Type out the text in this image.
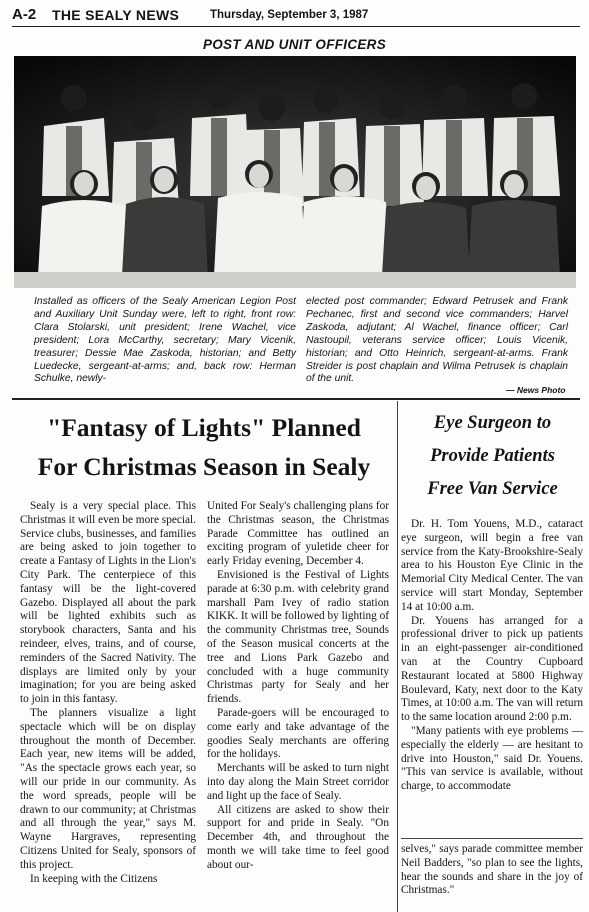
A-2 THE SEALY NEWS	Thursday, September 3, 1987
POST AND UNIT OFFICERS
Installed as officers of the Sealy American Legion Post and Auxiliary Unit Sunday were, left to right, front row: Clara Stolarski, unit president; Irene Wachel, vice president; Lora McCarthy, secretary; Mary Vicenik, treasurer; Dessie Mae Zaskoda, historian; and Betty Luedecke, sergeant-at-arms; and, back row: Herman Schulke, newly-
elected post commander; Edward Petrusek and Frank Pechanec, first and second vice commanders; Harvel Zaskoda, adjutant; Al Wachel, finance officer; Carl Nastoupil, veterans service officer; Louis Vicenik, historian; and Otto Heinrich, sergeant-at-arms. Frank Streider is post chaplain and Wilma Petrusek is chaplain of the unit.
— News Photo
"Fantasy of Lights" Planned
For Christmas Season in Sealy

Sealy is a very special place. This Christmas it will even be more special. Service clubs, businesses, and families are being asked to join together to create a Fantasy of Lights in the Lion's City Park. The centerpiece of this fantasy will be the light-covered Gazebo. Displayed all about the park will be lighted exhibits such as storybook characters, Santa and his reindeer, elves, trains, and of course, reminders of the Sacred Nativity. The displays are limited only by your imagination; for you are being asked to join in this fantasy.

The planners visualize a light spectacle which will be on display throughout the month of December. Each year, new items will be added, "As the spectacle grows each year, so will our pride in our community. As the word spreads, people will be drawn to our community; at Christmas and all through the year," says M. Wayne Hargraves, representing Citizens United for Sealy, sponsors of this project.

In keeping with the Citizens

United For Sealy's challenging plans for the Christmas season, the Christmas Parade Committee has outlined an exciting program of yuletide cheer for early Friday evening, December 4.

Envisioned is the Festival of Lights parade at 6:30 p.m. with celebrity grand marshall Pam Ivey of radio station KIKK. It will be followed by lighting of the community Christmas tree, Sounds of the Season musical concerts at the tree and Lions Park Gazebo and concluded with a huge community Christmas party for Sealy and her friends.

Parade-goers will be encouraged to come early and take advantage of the goodies Sealy merchants are offering for the holidays.

Merchants will be asked to turn night into day along the Main Street corridor and light up the face of Sealy.

All citizens are asked to show their support for and pride in Sealy. "On December 4th, and throughout the month we will take time to feel good about our-

Eye Surgeon to
Provide Patients
Free Van Service

Dr. H. Tom Youens, M.D., cataract eye surgeon, will begin a free van service from the Katy-Brookshire-Sealy area to his Houston Eye Clinic in the Memorial City Medical Center. The van service will start Monday, September 14 at 10:00 a.m.

Dr. Youens has arranged for a professional driver to pick up patients in an eight-passenger air-conditioned van at the Country Cupboard Restaurant located at 5800 Highway Boulevard, Katy, next door to the Katy Times, at 10:00 a.m. The van will return to the same location around 2:00 p.m.

"Many patients with eye problems — especially the elderly — are hesitant to drive into Houston," said Dr. Youens. "This van service is available, without charge, to accommodate

selves," says parade committee member Neil Badders, "so plan to see the lights, hear the sounds and share in the joy of Christmas."
